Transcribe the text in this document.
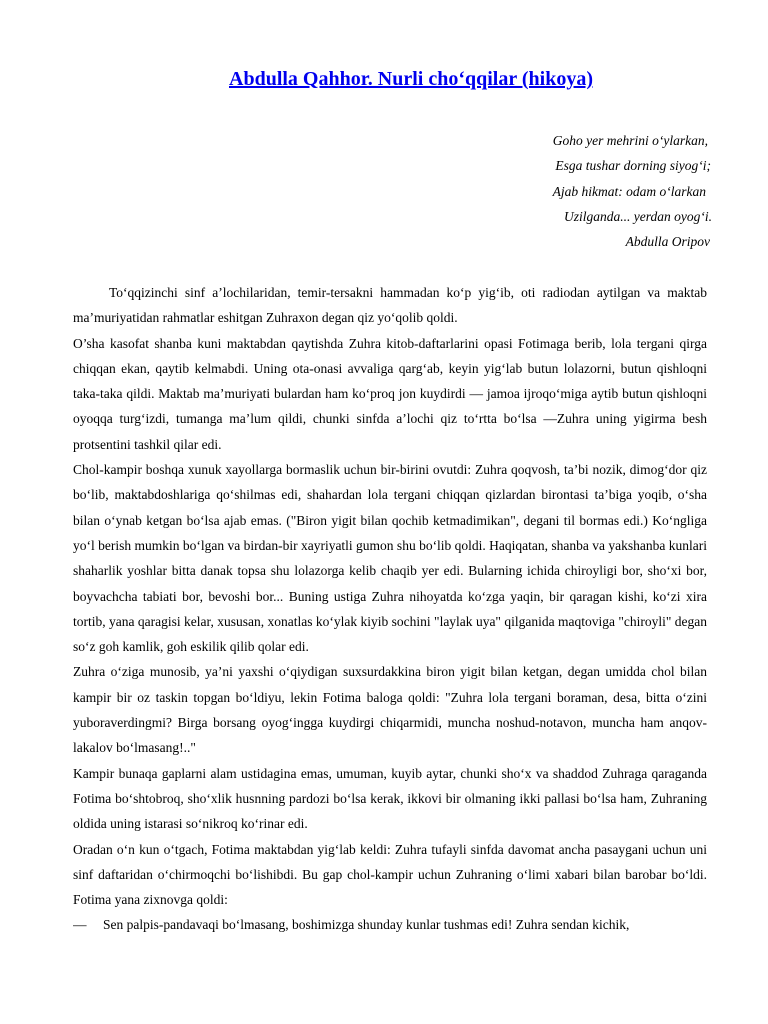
Abdulla Qahhor. Nurli cho‘qqilar (hikoya)
Goho yer mehrini o‘ylarkan,
Esga tushar dorning siyog‘i;
Ajab hikmat: odam o‘larkan
Uzilganda... yerdan oyog‘i.
Abdulla Oripov

To‘qqizinchi sinf a’lochilaridan, temir-tersakni hammadan ko‘p yig‘ib, oti radiodan aytilgan va maktab ma’muriyatidan rahmatlar eshitgan Zuhraxon degan qiz yo‘qolib qoldi.

O’sha kasofat shanba kuni maktabdan qaytishda Zuhra kitob-daftarlarini opasi Fotimaga berib, lola tergani qirga chiqqan ekan, qaytib kelmabdi. Uning ota-onasi avvaliga qarg‘ab, keyin yig‘lab butun lolazorni, butun qishloqni taka-taka qildi. Maktab ma’muriyati bulardan ham ko‘proq jon kuydirdi — jamoa ijroqo‘miga aytib butun qishloqni oyoqqa turg‘izdi, tumanga ma’lum qildi, chunki sinfda a’lochi qiz to‘rtta bo‘lsa —Zuhra uning yigirma besh protsentini tashkil qilar edi.

Chol-kampir boshqa xunuk xayollarga bormaslik uchun bir-birini ovutdi: Zuhra qoqvosh, ta’bi nozik, dimog‘dor qiz bo‘lib, maktabdoshlariga qo‘shilmas edi, shahardan lola tergani chiqqan qizlardan birontasi ta’biga yoqib, o‘sha bilan o‘ynab ketgan bo‘lsa ajab emas. ("Biron yigit bilan qochib ketmadimikan", degani til bormas edi.) Ko‘ngliga yo‘l berish mumkin bo‘lgan va birdan-bir xayriyatli gumon shu bo‘lib qoldi. Haqiqatan, shanba va yakshanba kunlari shaharlik yoshlar bitta danak topsa shu lolazorga kelib chaqib yer edi. Bularning ichida chiroyligi bor, sho‘xi bor, boyvachcha tabiati bor, bevoshi bor... Buning ustiga Zuhra nihoyatda ko‘zga yaqin, bir qaragan kishi, ko‘zi xira tortib, yana qaragisi kelar, xususan, xonatlas ko‘ylak kiyib sochini "laylak uya" qilganida maqtoviga "chiroyli" degan so‘z goh kamlik, goh eskilik qilib qolar edi.

Zuhra o‘ziga munosib, ya’ni yaxshi o‘qiydigan suxsurdakkina biron yigit bilan ketgan, degan umidda chol bilan kampir bir oz taskin topgan bo‘ldiyu, lekin Fotima baloga qoldi: "Zuhra lola tergani boraman, desa, bitta o‘zini yuboraverdingmi? Birga borsang oyog‘ingga kuydirgi chiqarmidi, muncha noshud-notavon, muncha ham anqov-lakalov bo‘lmasang!.."

Kampir bunaqa gaplarni alam ustidagina emas, umuman, kuyib aytar, chunki sho‘x va shaddod Zuhraga qaraganda Fotima bo‘shtobroq, sho‘xlik husnning pardozi bo‘lsa kerak, ikkovi bir olmaning ikki pallasi bo‘lsa ham, Zuhraning oldida uning istarasi so‘nikroq ko‘rinar edi.

Oradan o‘n kun o‘tgach, Fotima maktabdan yig‘lab keldi: Zuhra tufayli sinfda davomat ancha pasaygani uchun uni sinf daftaridan o‘chirmoqchi bo‘lishibdi. Bu gap chol-kampir uchun Zuhraning o‘limi xabari bilan barobar bo‘ldi. Fotima yana zixnovga qoldi:

— Sen palpis-pandavaqi bo‘lmasang, boshimizga shunday kunlar tushmas edi! Zuhra sendan kichik,
